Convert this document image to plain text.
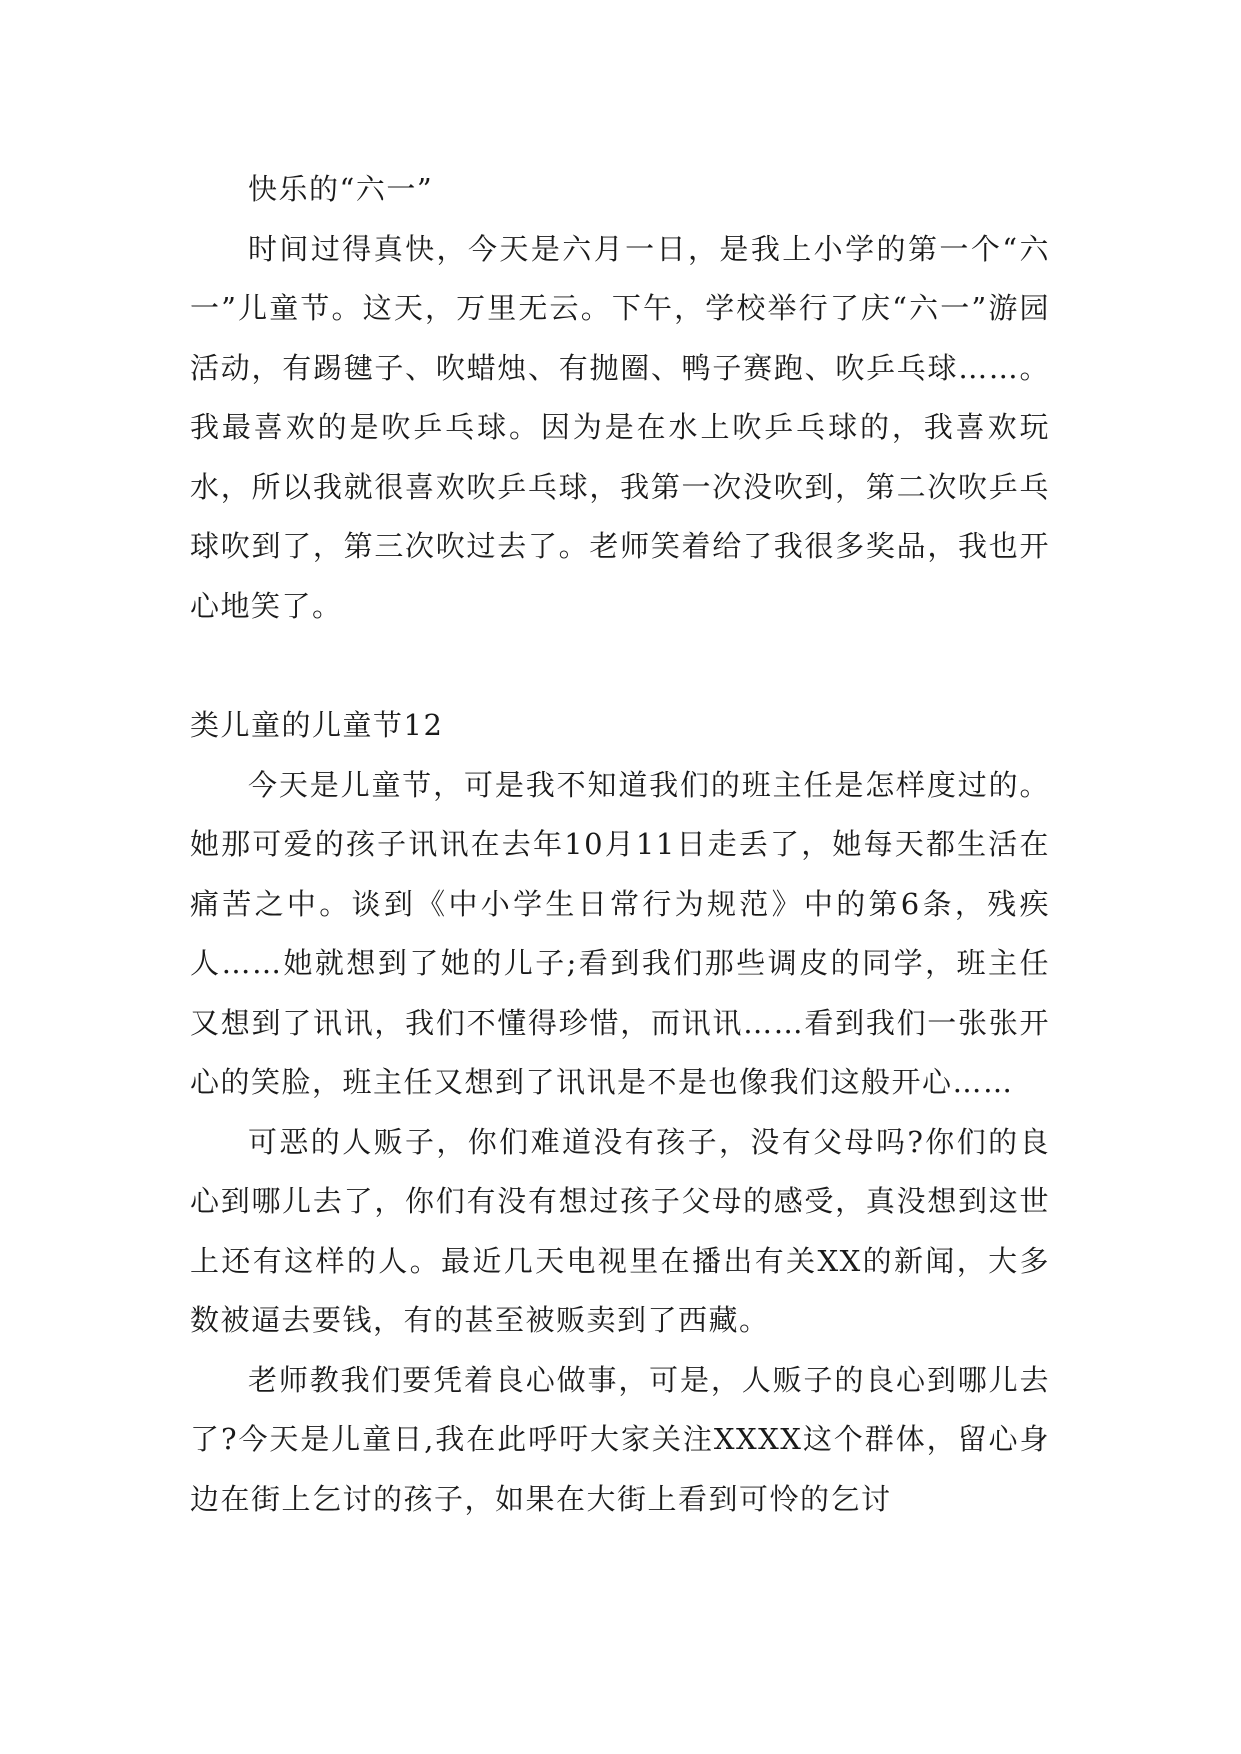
快乐的“六一”

时间过得真快，今天是六月一日，是我上小学的第一个“六一”儿童节。这天，万里无云。下午，学校举行了庆“六一”游园活动，有踢毽子、吹蜡烛、有抛圈、鸭子赛跑、吹乒乓球……。我最喜欢的是吹乒乓球。因为是在水上吹乒乓球的，我喜欢玩水，所以我就很喜欢吹乒乓球，我第一次没吹到，第二次吹乒乓球吹到了，第三次吹过去了。老师笑着给了我很多奖品，我也开心地笑了。

类儿童的儿童节12

今天是儿童节，可是我不知道我们的班主任是怎样度过的。她那可爱的孩子讯讯在去年10月11日走丢了，她每天都生活在痛苦之中。谈到《中小学生日常行为规范》中的第6条，残疾人……她就想到了她的儿子;看到我们那些调皮的同学，班主任又想到了讯讯，我们不懂得珍惜，而讯讯……看到我们一张张开心的笑脸，班主任又想到了讯讯是不是也像我们这般开心……

可恶的人贩子，你们难道没有孩子，没有父母吗?你们的良心到哪儿去了，你们有没有想过孩子父母的感受，真没想到这世上还有这样的人。最近几天电视里在播出有关XX的新闻，大多数被逼去要钱，有的甚至被贩卖到了西藏。

老师教我们要凭着良心做事，可是，人贩子的良心到哪儿去了?今天是儿童日,我在此呼吁大家关注XXXX这个群体，留心身边在街上乞讨的孩子，如果在大街上看到可怜的乞讨
